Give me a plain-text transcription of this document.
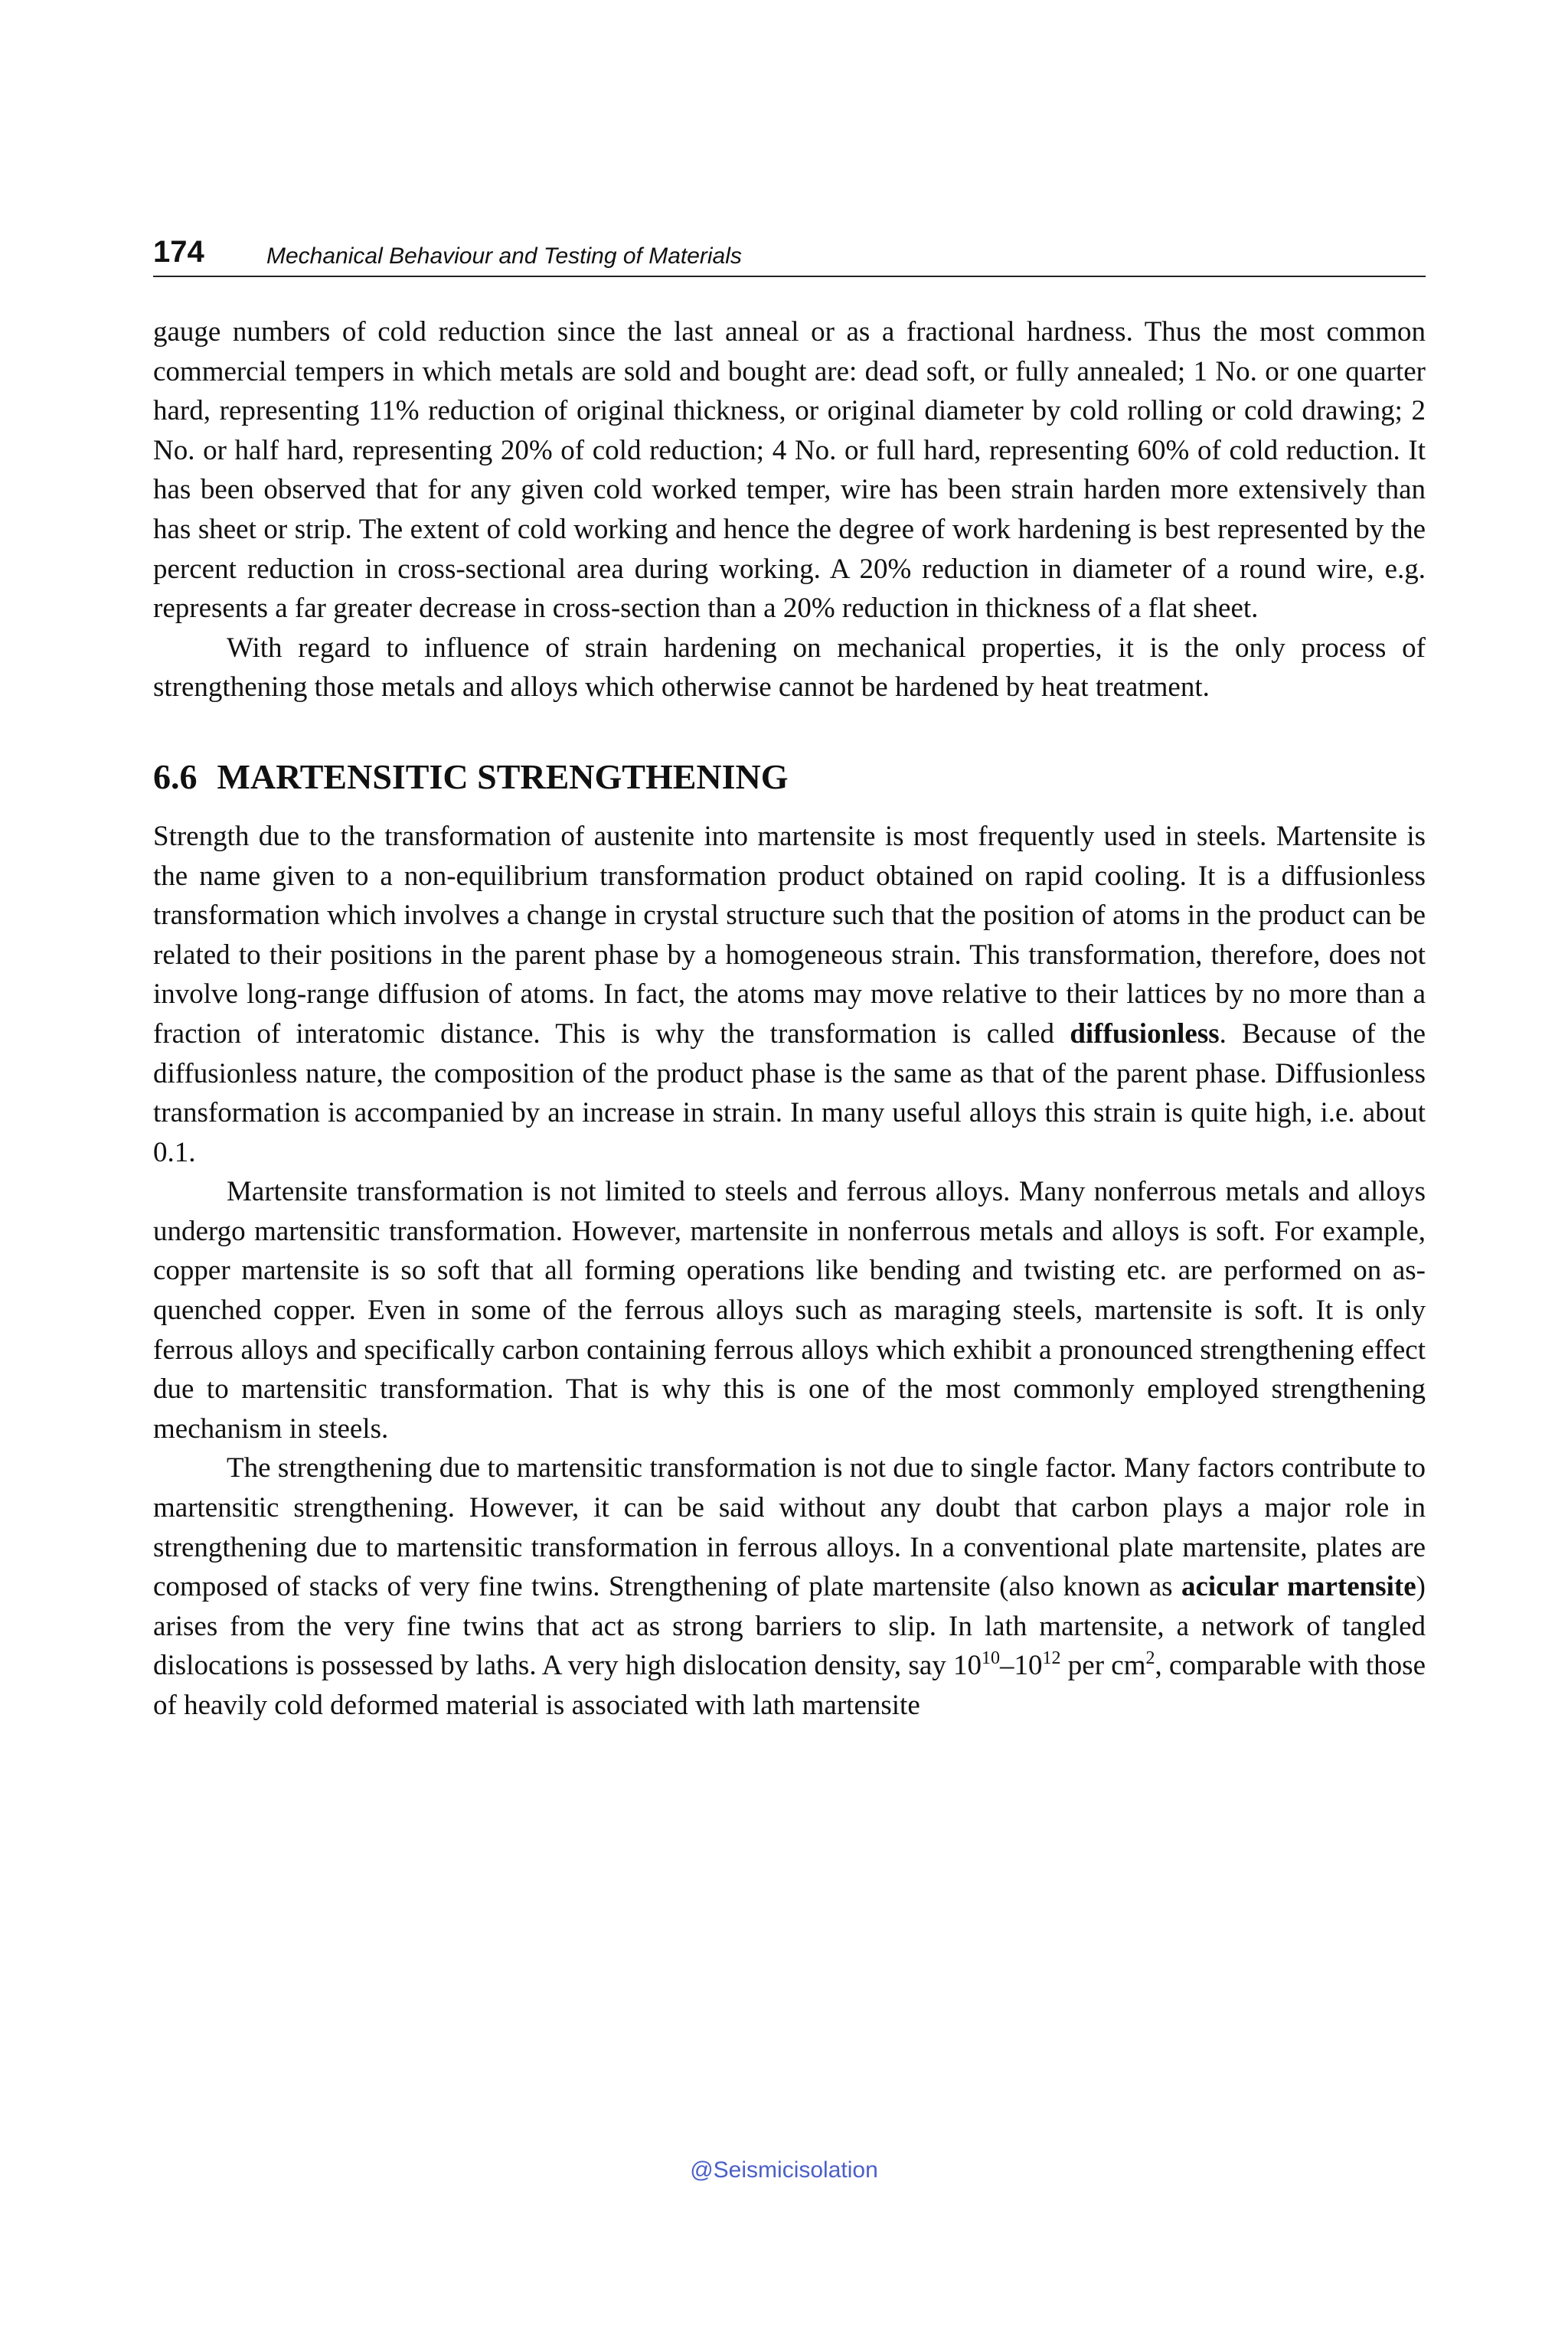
174	Mechanical Behaviour and Testing of Materials

gauge numbers of cold reduction since the last anneal or as a fractional hardness. Thus the most common commercial tempers in which metals are sold and bought are: dead soft, or fully annealed; 1 No. or one quarter hard, representing 11% reduction of original thickness, or original diameter by cold rolling or cold drawing; 2 No. or half hard, representing 20% of cold reduction; 4 No. or full hard, representing 60% of cold reduction. It has been observed that for any given cold worked temper, wire has been strain harden more extensively than has sheet or strip. The extent of cold working and hence the degree of work hardening is best represented by the percent reduction in cross-sectional area during working. A 20% reduction in diameter of a round wire, e.g. represents a far greater decrease in cross-section than a 20% reduction in thickness of a flat sheet.

With regard to influence of strain hardening on mechanical properties, it is the only process of strengthening those metals and alloys which otherwise cannot be hardened by heat treatment.

6.6 MARTENSITIC STRENGTHENING

Strength due to the transformation of austenite into martensite is most frequently used in steels. Martensite is the name given to a non-equilibrium transformation product obtained on rapid cooling. It is a diffusionless transformation which involves a change in crystal structure such that the position of atoms in the product can be related to their positions in the parent phase by a homogeneous strain. This transformation, therefore, does not involve long-range diffusion of atoms. In fact, the atoms may move relative to their lattices by no more than a fraction of interatomic distance. This is why the transformation is called diffusionless. Because of the diffusionless nature, the composition of the product phase is the same as that of the parent phase. Diffusionless transformation is accompanied by an increase in strain. In many useful alloys this strain is quite high, i.e. about 0.1.

Martensite transformation is not limited to steels and ferrous alloys. Many nonferrous metals and alloys undergo martensitic transformation. However, martensite in nonferrous metals and alloys is soft. For example, copper martensite is so soft that all forming operations like bending and twisting etc. are performed on as-quenched copper. Even in some of the ferrous alloys such as maraging steels, martensite is soft. It is only ferrous alloys and specifically carbon containing ferrous alloys which exhibit a pronounced strengthening effect due to martensitic transformation. That is why this is one of the most commonly employed strengthening mechanism in steels.

The strengthening due to martensitic transformation is not due to single factor. Many factors contribute to martensitic strengthening. However, it can be said without any doubt that carbon plays a major role in strengthening due to martensitic transformation in ferrous alloys. In a conventional plate martensite, plates are composed of stacks of very fine twins. Strengthening of plate martensite (also known as acicular martensite) arises from the very fine twins that act as strong barriers to slip. In lath martensite, a network of tangled dislocations is possessed by laths. A very high dislocation density, say $10^{10}-10^{12}$ per $cm^2$, comparable with those of heavily cold deformed material is associated with lath martensite

@Seismicisolation
